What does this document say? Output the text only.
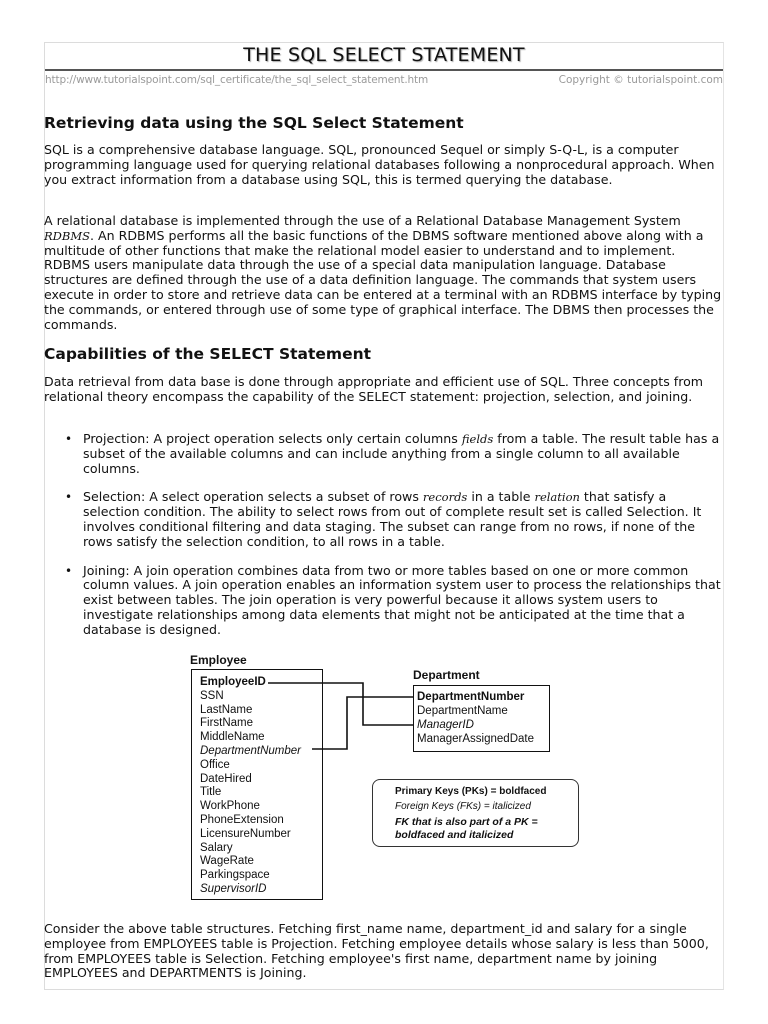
THE SQL SELECT STATEMENT
http://www.tutorialspoint.com/sql_certificate/the_sql_select_statement.htm	Copyright © tutorialspoint.com
Retrieving data using the SQL Select Statement

SQL is a comprehensive database language. SQL, pronounced Sequel or simply S-Q-L, is a computer programming language used for querying relational databases following a nonprocedural approach. When you extract information from a database using SQL, this is termed querying the database.

A relational database is implemented through the use of a Relational Database Management System RDBMS. An RDBMS performs all the basic functions of the DBMS software mentioned above along with a multitude of other functions that make the relational model easier to understand and to implement. RDBMS users manipulate data through the use of a special data manipulation language. Database structures are defined through the use of a data definition language. The commands that system users execute in order to store and retrieve data can be entered at a terminal with an RDBMS interface by typing the commands, or entered through use of some type of graphical interface. The DBMS then processes the commands.

Capabilities of the SELECT Statement

Data retrieval from data base is done through appropriate and efficient use of SQL. Three concepts from relational theory encompass the capability of the SELECT statement: projection, selection, and joining.

• Projection: A project operation selects only certain columns fields from a table. The result table has a subset of the available columns and can include anything from a single column to all available columns.
• Selection: A select operation selects a subset of rows records in a table relation that satisfy a selection condition. The ability to select rows from out of complete result set is called Selection. It involves conditional filtering and data staging. The subset can range from no rows, if none of the rows satisfy the selection condition, to all rows in a table.
• Joining: A join operation combines data from two or more tables based on one or more common column values. A join operation enables an information system user to process the relationships that exist between tables. The join operation is very powerful because it allows system users to investigate relationships among data elements that might not be anticipated at the time that a database is designed.
Employee
EmployeeID
SSN
LastName
FirstName
MiddleName
DepartmentNumber
Office
DateHired
Title
WorkPhone
PhoneExtension
LicensureNumber
Salary
WageRate
Parkingspace
SupervisorID
Department
DepartmentNumber
DepartmentName
ManagerID
ManagerAssignedDate
Primary Keys (PKs) = boldfaced
Foreign Keys (FKs) = italicized
FK that is also part of a PK =
boldfaced and italicized

Consider the above table structures. Fetching first_name name, department_id and salary for a single employee from EMPLOYEES table is Projection. Fetching employee details whose salary is less than 5000, from EMPLOYEES table is Selection. Fetching employee's first name, department name by joining EMPLOYEES and DEPARTMENTS is Joining.
